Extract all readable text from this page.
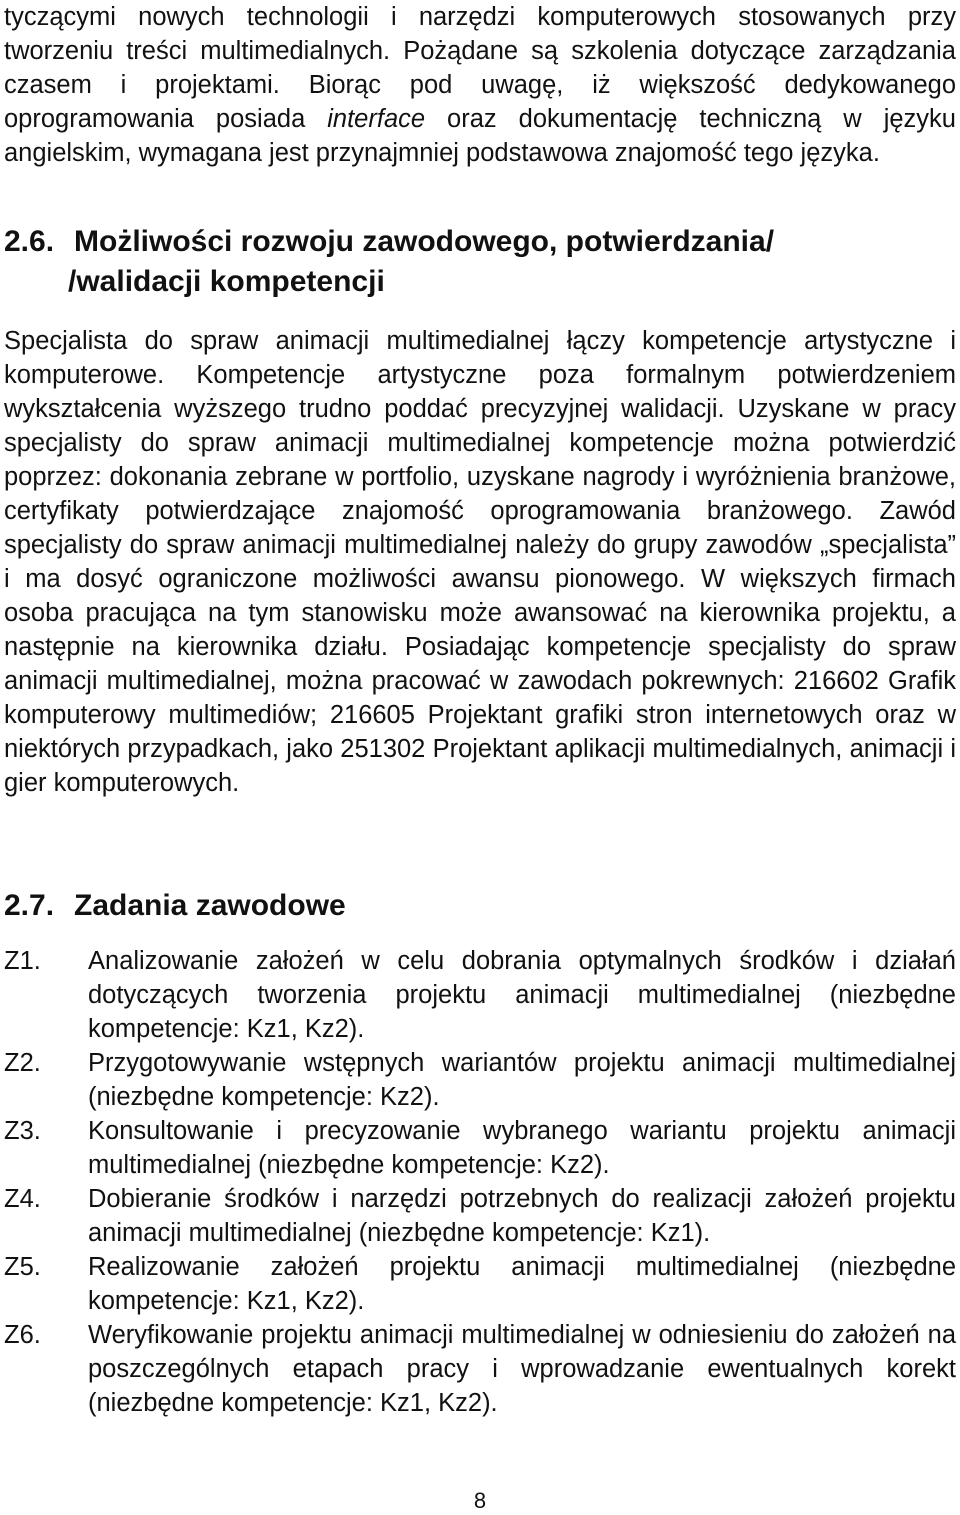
tyczącymi nowych technologii i narzędzi komputerowych stosowanych przy tworzeniu treści multimedialnych. Pożądane są szkolenia dotyczące zarządzania czasem i projektami. Biorąc pod uwagę, iż większość dedykowanego oprogramowania posiada interface oraz dokumentację techniczną w języku angielskim, wymagana jest przynajmniej podstawowa znajomość tego języka.

2.6. Możliwości rozwoju zawodowego, potwierdzania/
/walidacji kompetencji

Specjalista do spraw animacji multimedialnej łączy kompetencje artystyczne i komputerowe. Kompetencje artystyczne poza formalnym potwierdzeniem wykształcenia wyższego trudno poddać precyzyjnej walidacji. Uzyskane w pracy specjalisty do spraw animacji multimedialnej kompetencje można potwierdzić poprzez: dokonania zebrane w portfolio, uzyskane nagrody i wyróżnienia branżowe, certyfikaty potwierdzające znajomość oprogramowania branżowego. Zawód specjalisty do spraw animacji multimedialnej należy do grupy zawodów „specjalista” i ma dosyć ograniczone możliwości awansu pionowego. W większych firmach osoba pracująca na tym stanowisku może awansować na kierownika projektu, a następnie na kierownika działu. Posiadając kompetencje specjalisty do spraw animacji multimedialnej, można pracować w zawodach pokrewnych: 216602 Grafik komputerowy multimediów; 216605 Projektant grafiki stron internetowych oraz w niektórych przypadkach, jako 251302 Projektant aplikacji multimedialnych, animacji i gier komputerowych.

2.7. Zadania zawodowe
Z1.	Analizowanie założeń w celu dobrania optymalnych środków i działań dotyczących tworzenia projektu animacji multimedialnej (niezbędne kompetencje: Kz1, Kz2).
Z2.	Przygotowywanie wstępnych wariantów projektu animacji multimedialnej (niezbędne kompetencje: Kz2).
Z3.	Konsultowanie i precyzowanie wybranego wariantu projektu animacji multimedialnej (niezbędne kompetencje: Kz2).
Z4.	Dobieranie środków i narzędzi potrzebnych do realizacji założeń projektu animacji multimedialnej (niezbędne kompetencje: Kz1).
Z5.	Realizowanie założeń projektu animacji multimedialnej (niezbędne kompetencje: Kz1, Kz2).
Z6.	Weryfikowanie projektu animacji multimedialnej w odniesieniu do założeń na poszczególnych etapach pracy i wprowadzanie ewentualnych korekt (niezbędne kompetencje: Kz1, Kz2).
8
